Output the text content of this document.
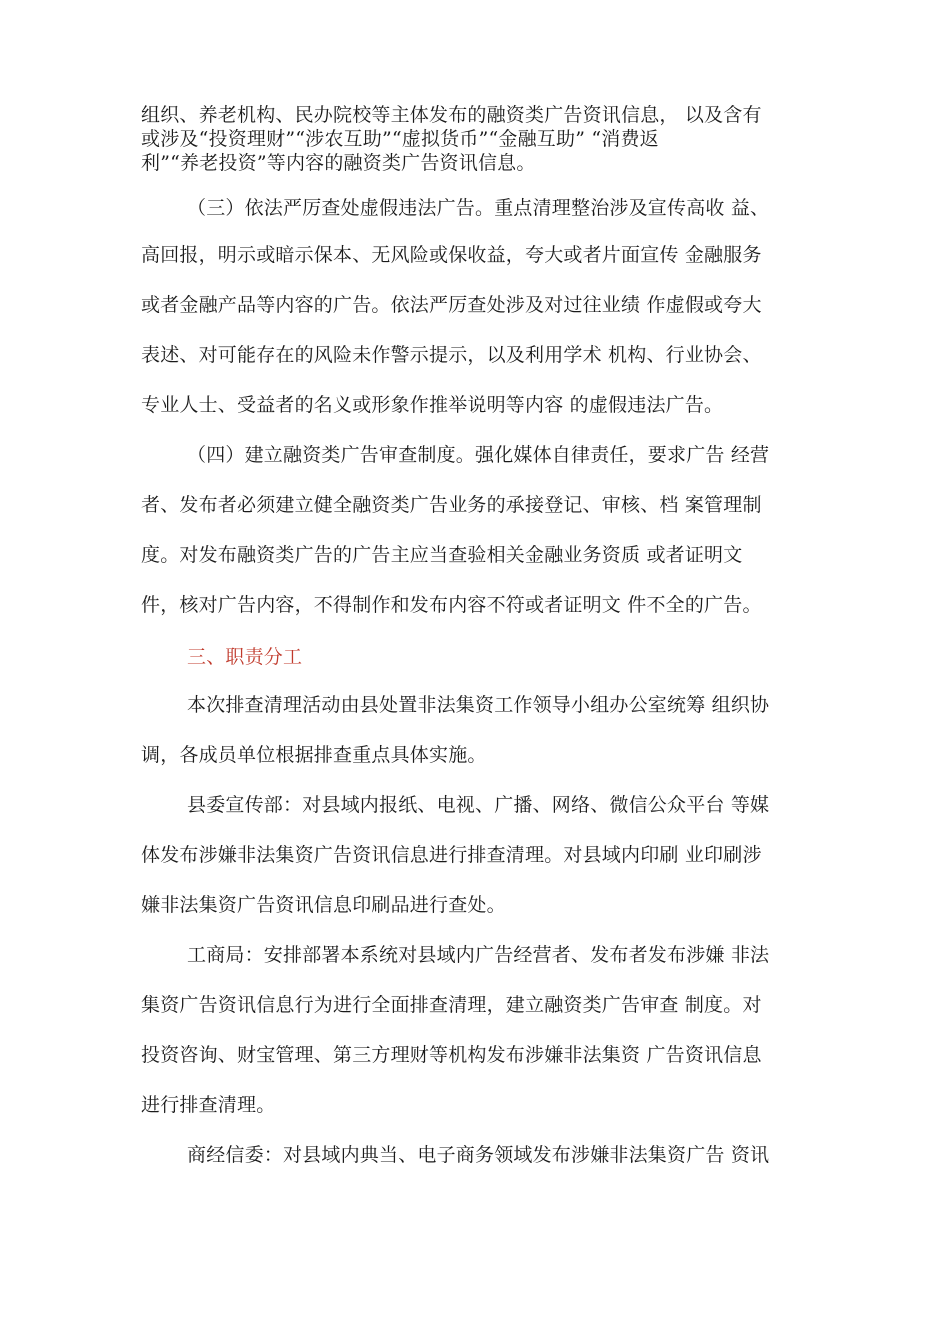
组织、养老机构、民办院校等主体发布的融资类广告资讯信息， 以及含有
或涉及“投资理财”“涉农互助”“虚拟货币”“金融互助” “消费返
利”“养老投资”等内容的融资类广告资讯信息。
（三）依法严厉查处虚假违法广告。重点清理整治涉及宣传高收 益、
高回报，明示或暗示保本、无风险或保收益，夸大或者片面宣传 金融服务
或者金融产品等内容的广告。依法严厉查处涉及对过往业绩 作虚假或夸大
表述、对可能存在的风险未作警示提示，以及利用学术 机构、行业协会、
专业人士、受益者的名义或形象作推举说明等内容 的虚假违法广告。
（四）建立融资类广告审查制度。强化媒体自律责任，要求广告 经营
者、发布者必须建立健全融资类广告业务的承接登记、审核、档 案管理制
度。对发布融资类广告的广告主应当查验相关金融业务资质 或者证明文
件，核对广告内容，不得制作和发布内容不符或者证明文 件不全的广告。
三、职责分工
本次排查清理活动由县处置非法集资工作领导小组办公室统筹 组织协
调，各成员单位根据排查重点具体实施。
县委宣传部：对县域内报纸、电视、广播、网络、微信公众平台 等媒
体发布涉嫌非法集资广告资讯信息进行排查清理。对县域内印刷 业印刷涉
嫌非法集资广告资讯信息印刷品进行查处。
工商局：安排部署本系统对县域内广告经营者、发布者发布涉嫌 非法
集资广告资讯信息行为进行全面排查清理，建立融资类广告审查 制度。对
投资咨询、财宝管理、第三方理财等机构发布涉嫌非法集资 广告资讯信息
进行排查清理。
商经信委：对县域内典当、电子商务领域发布涉嫌非法集资广告 资讯
